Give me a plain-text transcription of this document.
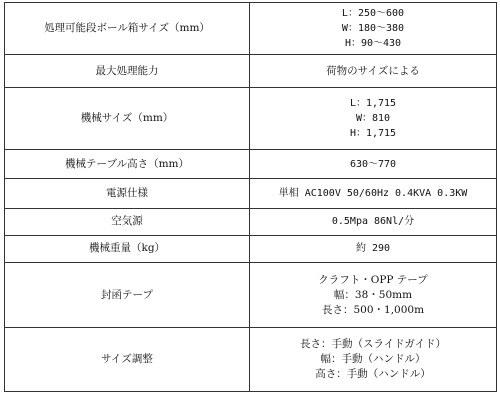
処理可能段ボール箱サイズ（mm）	L：250～600
W：180～380
H：90～430

最大処理能力	荷物のサイズによる

機械サイズ（mm）	L：1,715
W：810
H：1,715

機械テーブル高さ（mm）	630～770

電源仕様	単相 AC100V 50/60Hz 0.4KVA 0.3KW

空気源	0.5Mpa 86Nl/分

機械重量（kg）	約 290

封函テープ	クラフト・OPP テープ
幅：38・50mm
長さ：500・1,000m

サイズ調整	長さ：手動（スライドガイド）
幅：手動（ハンドル）
高さ：手動（ハンドル）
